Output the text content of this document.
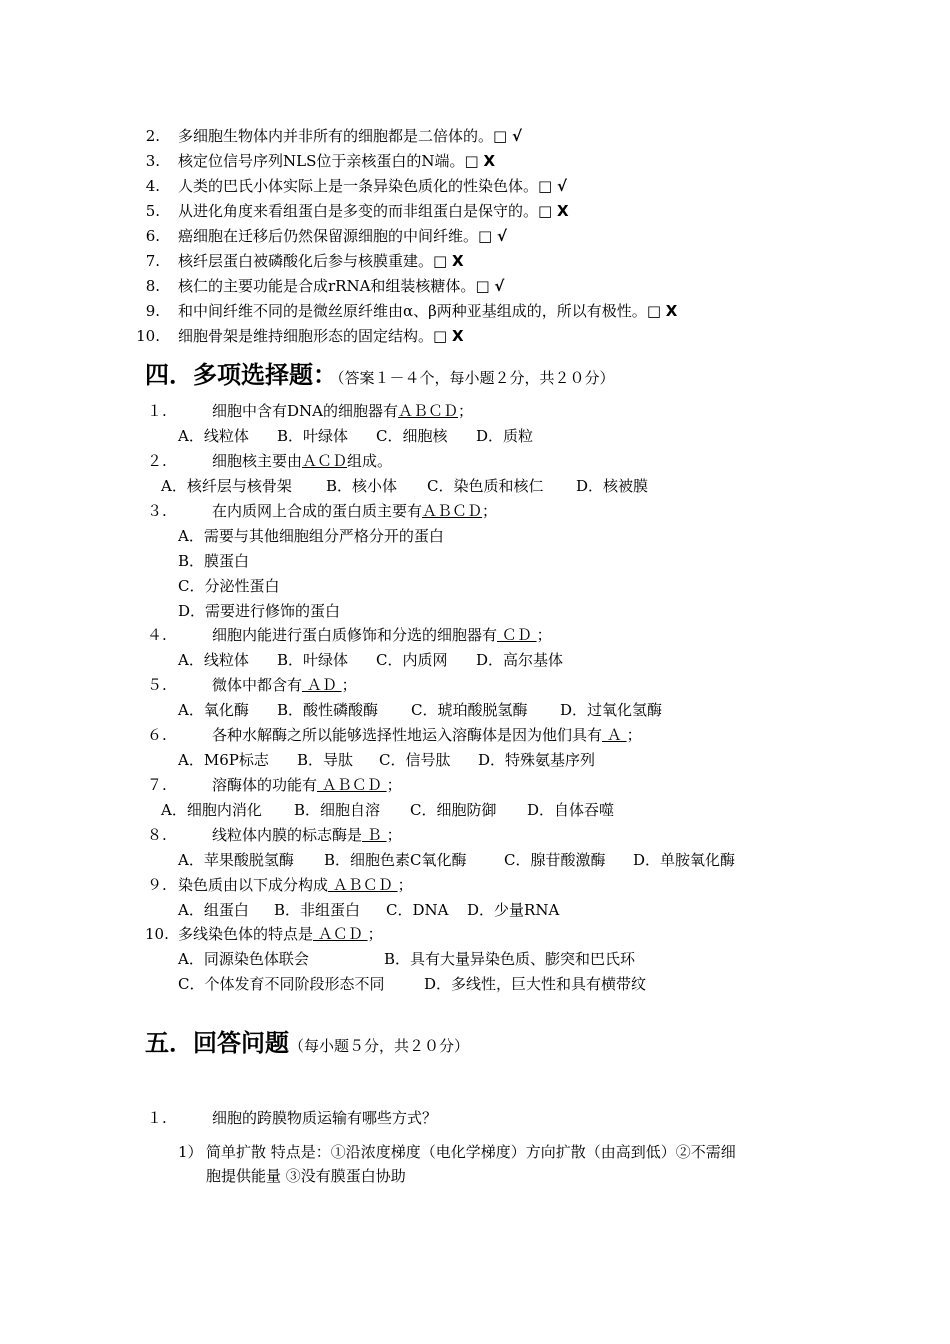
2. 多细胞生物体内并非所有的细胞都是二倍体的。□ √
3. 核定位信号序列NLS位于亲核蛋白的N端。□ X
4. 人类的巴氏小体实际上是一条异染色质化的性染色体。□ √
5. 从进化角度来看组蛋白是多变的而非组蛋白是保守的。□ X
6. 癌细胞在迁移后仍然保留源细胞的中间纤维。□ √
7. 核纤层蛋白被磷酸化后参与核膜重建。□ X
8. 核仁的主要功能是合成rRNA和组装核糖体。□ √
9. 和中间纤维不同的是微丝原纤维由α、β两种亚基组成的，所以有极性。□ X
10. 细胞骨架是维持细胞形态的固定结构。□ X
四．多项选择题：（答案１－４个，每小题２分，共２０分）
１.	细胞中含有DNA的细胞器有ＡＢＣＤ；
A．线粒体 B．叶绿体 C．细胞核 D．质粒
２.	细胞核主要由ＡＣＤ组成。
A．核纤层与核骨架 B．核小体 C．染色质和核仁 D．核被膜
３.	在内质网上合成的蛋白质主要有ＡＢＣＤ；
A．需要与其他细胞组分严格分开的蛋白
B．膜蛋白
C．分泌性蛋白
D．需要进行修饰的蛋白
４.	细胞内能进行蛋白质修饰和分选的细胞器有 ＣＤ ；
A．线粒体 B．叶绿体 C．内质网 D．高尔基体
５.	微体中都含有 ＡＤ ；
A．氧化酶 B．酸性磷酸酶 C．琥珀酸脱氢酶 D．过氧化氢酶
６.	各种水解酶之所以能够选择性地运入溶酶体是因为他们具有 Ａ ；
A．M6P标志 B．导肽 C．信号肽 D．特殊氨基序列
７.	溶酶体的功能有 ＡＢＣＤ ；
A．细胞内消化 B．细胞自溶 C．细胞防御 D．自体吞噬
８.	线粒体内膜的标志酶是 Ｂ ；
A．苹果酸脱氢酶 B．细胞色素C氧化酶 C．腺苷酸激酶 D．单胺氧化酶
９. 染色质由以下成分构成 ＡＢＣＤ ；
A．组蛋白 B．非组蛋白 C．DNA D．少量RNA
10. 多线染色体的特点是 ＡＣＤ ；
A．同源染色体联会	B．具有大量异染色质、膨突和巴氏环
C．个体发育不同阶段形态不同	D．多线性，巨大性和具有横带纹
五．回答问题（每小题５分，共２０分）
１.	细胞的跨膜物质运输有哪些方式？
1） 简单扩散 特点是：①沿浓度梯度（电化学梯度）方向扩散（由高到低）②不需细
胞提供能量 ③没有膜蛋白协助
